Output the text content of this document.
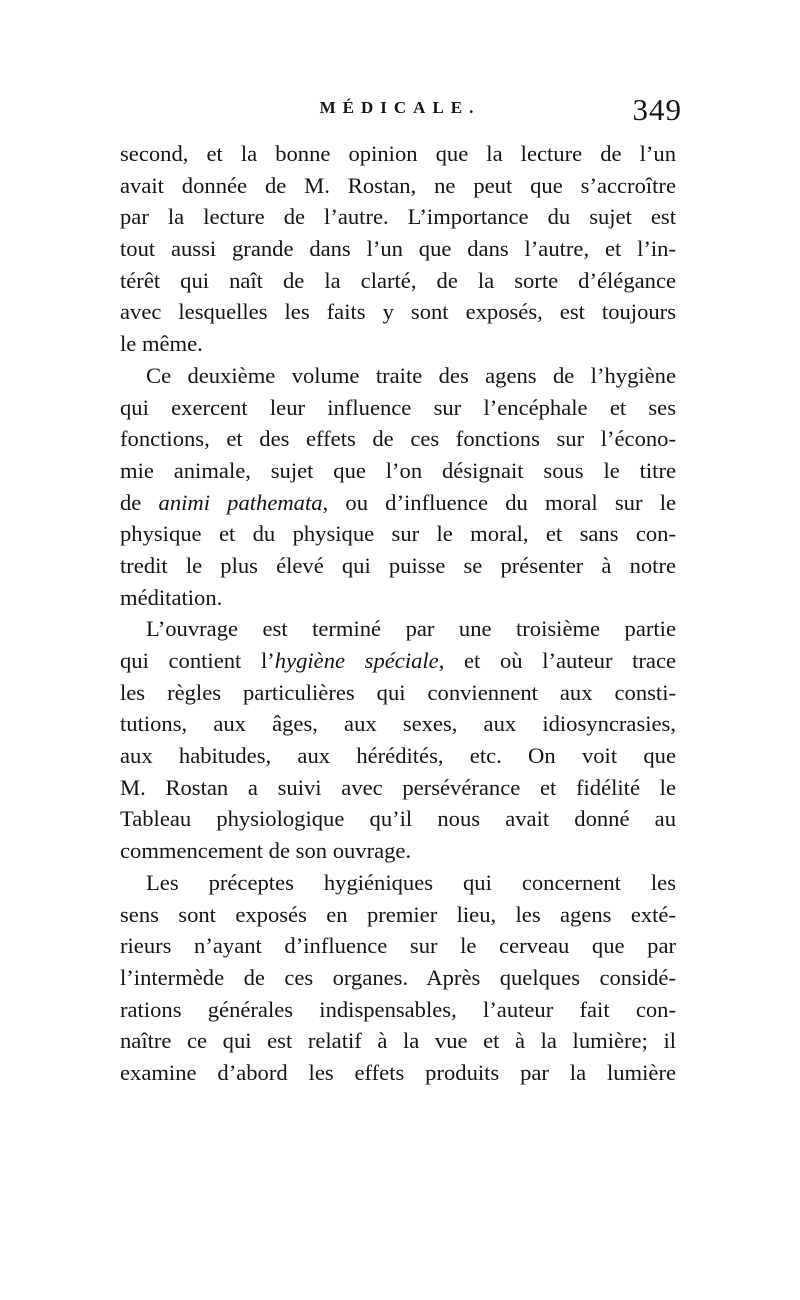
MÉDICALE.	349

second, et la bonne opinion que la lecture de l’un
avait donnée de M. Rostan, ne peut que s’accroître
par la lecture de l’autre. L’importance du sujet est
tout aussi grande dans l’un que dans l’autre, et l’in-
térêt qui naît de la clarté, de la sorte d’élégance
avec lesquelles les faits y sont exposés, est toujours
le même.

Ce deuxième volume traite des agens de l’hygiène
qui exercent leur influence sur l’encéphale et ses
fonctions, et des effets de ces fonctions sur l’écono-
mie animale, sujet que l’on désignait sous le titre
de animi pathemata, ou d’influence du moral sur le
physique et du physique sur le moral, et sans con-
tredit le plus élevé qui puisse se présenter à notre
méditation.

L’ouvrage est terminé par une troisième partie
qui contient l’hygiène spéciale, et où l’auteur trace
les règles particulières qui conviennent aux consti-
tutions, aux âges, aux sexes, aux idiosyncrasies,
aux habitudes, aux hérédités, etc. On voit que
M. Rostan a suivi avec persévérance et fidélité le
Tableau physiologique qu’il nous avait donné au
commencement de son ouvrage.

Les préceptes hygiéniques qui concernent les
sens sont exposés en premier lieu, les agens exté-
rieurs n’ayant d’influence sur le cerveau que par
l’intermède de ces organes. Après quelques considé-
rations générales indispensables, l’auteur fait con-
naître ce qui est relatif à la vue et à la lumière; il
examine d’abord les effets produits par la lumière
